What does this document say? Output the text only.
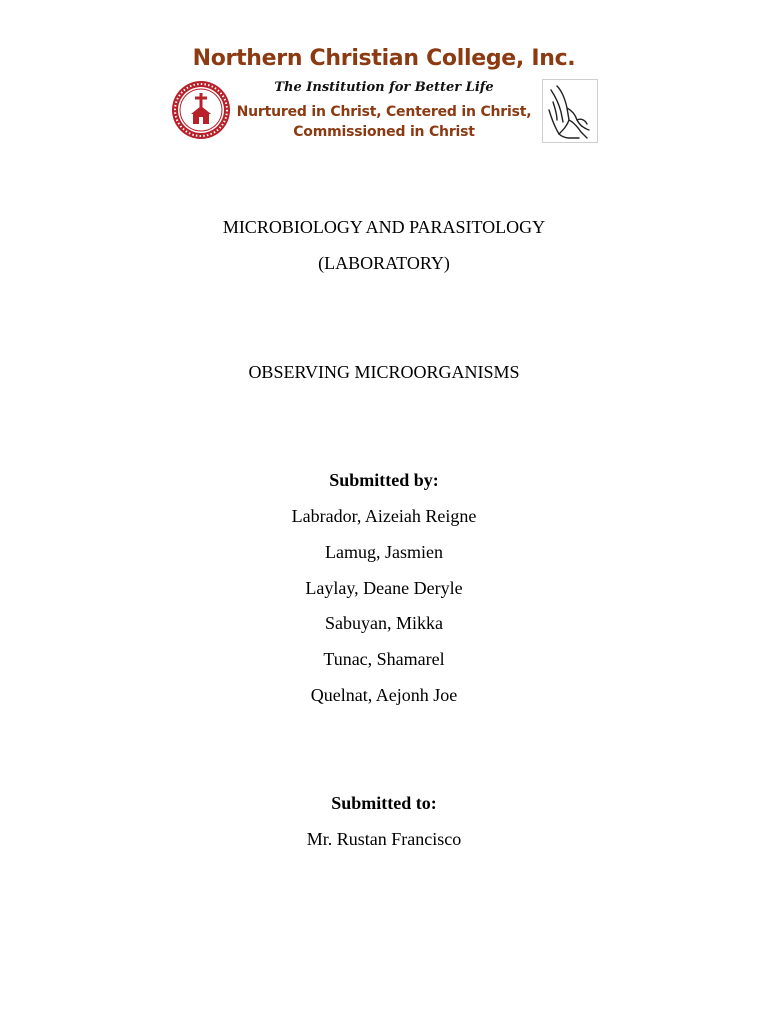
Northern Christian College, Inc.
The Institution for Better Life
Nurtured in Christ, Centered in Christ,
Commissioned in Christ
MICROBIOLOGY AND PARASITOLOGY
(LABORATORY)
OBSERVING MICROORGANISMS
Submitted by:
Labrador, Aizeiah Reigne
Lamug, Jasmien
Laylay, Deane Deryle
Sabuyan, Mikka
Tunac, Shamarel
Quelnat, Aejonh Joe
Submitted to:
Mr. Rustan Francisco
